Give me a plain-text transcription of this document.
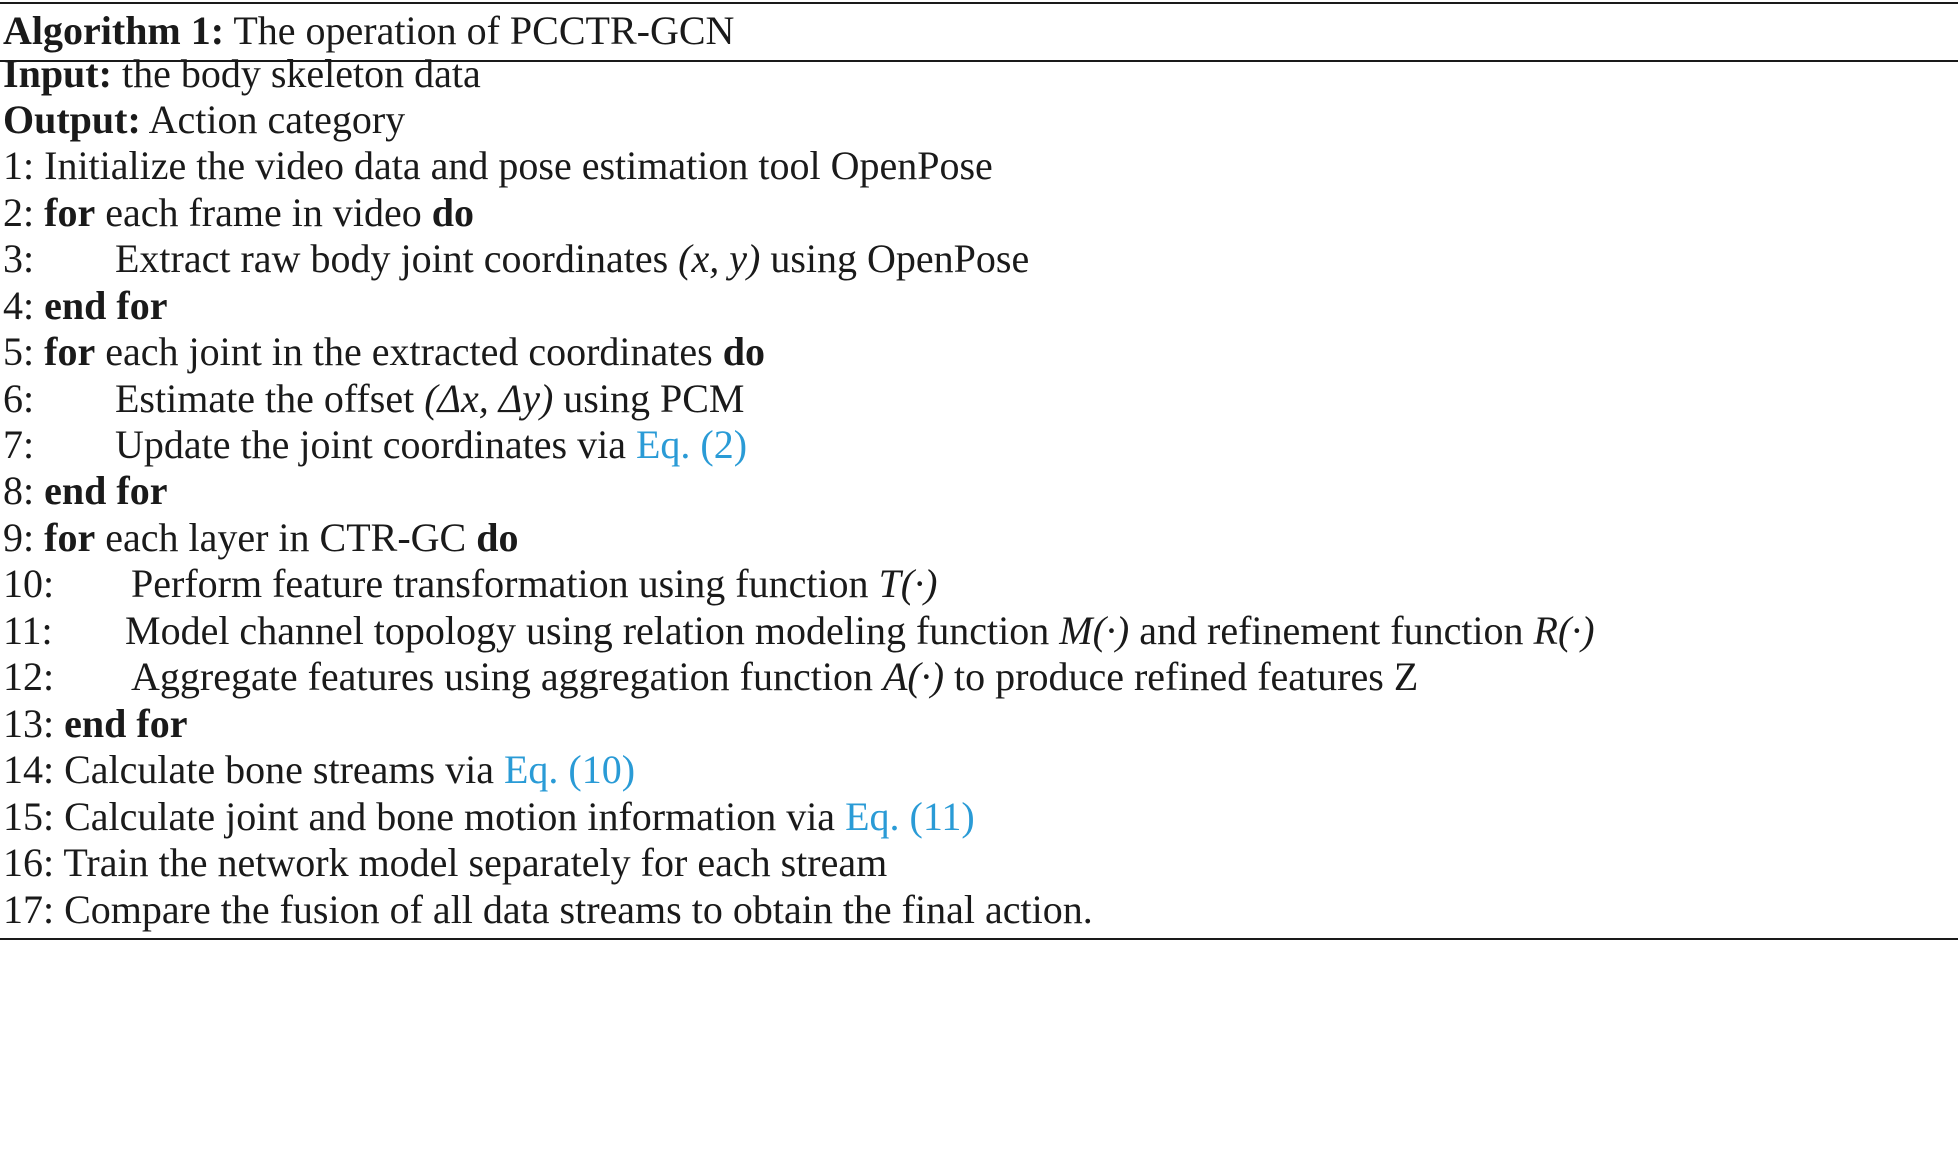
Algorithm 1: The operation of PCCTR-GCN
Input: the body skeleton data
Output: Action category
1: Initialize the video data and pose estimation tool OpenPose
2: for each frame in video do
3: Extract raw body joint coordinates (x, y) using OpenPose
4: end for
5: for each joint in the extracted coordinates do
6: Estimate the offset (Δx, Δy) using PCM
7: Update the joint coordinates via Eq. (2)
8: end for
9: for each layer in CTR-GC do
10: Perform feature transformation using function T(·)
11: Model channel topology using relation modeling function M(·) and refinement function R(·)
12: Aggregate features using aggregation function A(·) to produce refined features Z
13: end for
14: Calculate bone streams via Eq. (10)
15: Calculate joint and bone motion information via Eq. (11)
16: Train the network model separately for each stream
17: Compare the fusion of all data streams to obtain the final action.
